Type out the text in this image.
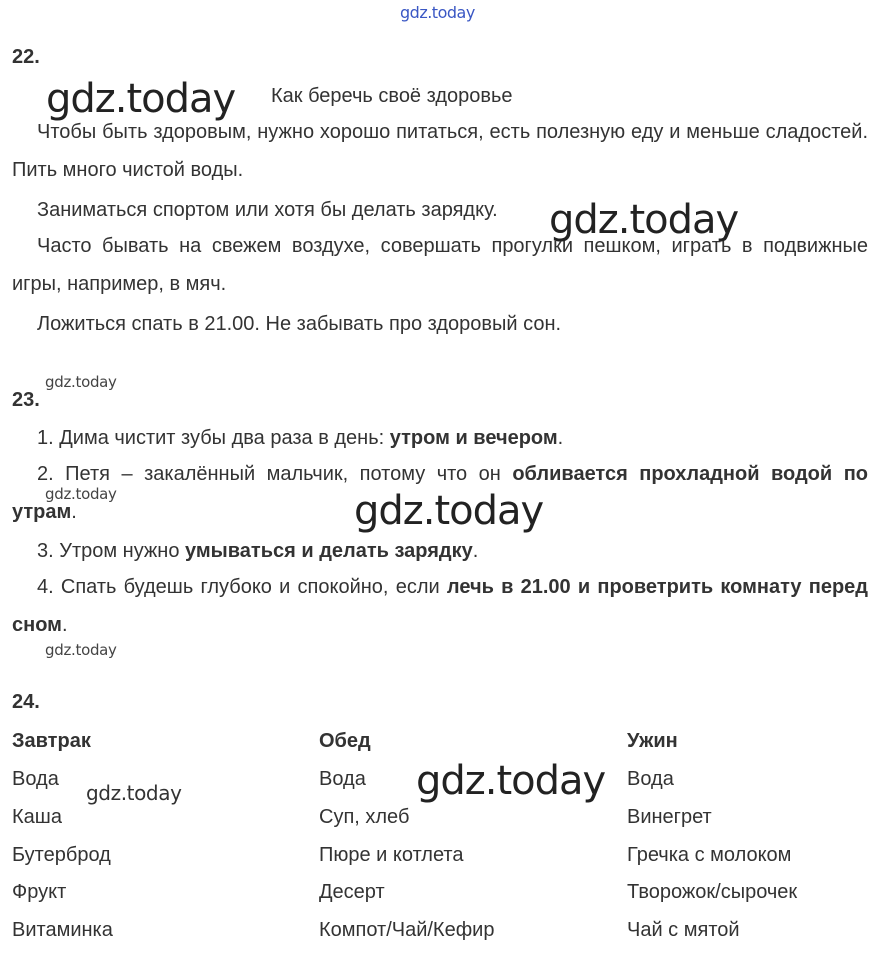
gdz.today
22.
gdz.today Как беречь своё здоровье

Чтобы быть здоровым, нужно хорошо питаться, есть полезную еду и меньше сладостей. Пить много чистой воды.

Заниматься спортом или хотя бы делать зарядку. gdz.today

Часто бывать на свежем воздухе, совершать прогулки пешком, играть в подвижные игры, например, в мяч.

Ложиться спать в 21.00. Не забывать про здоровый сон.
gdz.today
23.
1. Дима чистит зубы два раза в день: утром и вечером.
2. Петя – закалённый мальчик, потому что он обливается прохладной водой по утрам.
gdz.today	gdz.today
3. Утром нужно умываться и делать зарядку.
4. Спать будешь глубоко и спокойно, если лечь в 21.00 и проветрить комнату перед сном.
gdz.today
24.
Завтрак
Вода
Каша
Бутерброд
Фрукт
Витаминка
gdz.today
Обед
Вода
Суп, хлеб
Пюре и котлета
Десерт
Компот/Чай/Кефир
gdz.today
Ужин
Вода
Винегрет
Гречка с молоком
Творожок/сырочек
Чай с мятой
